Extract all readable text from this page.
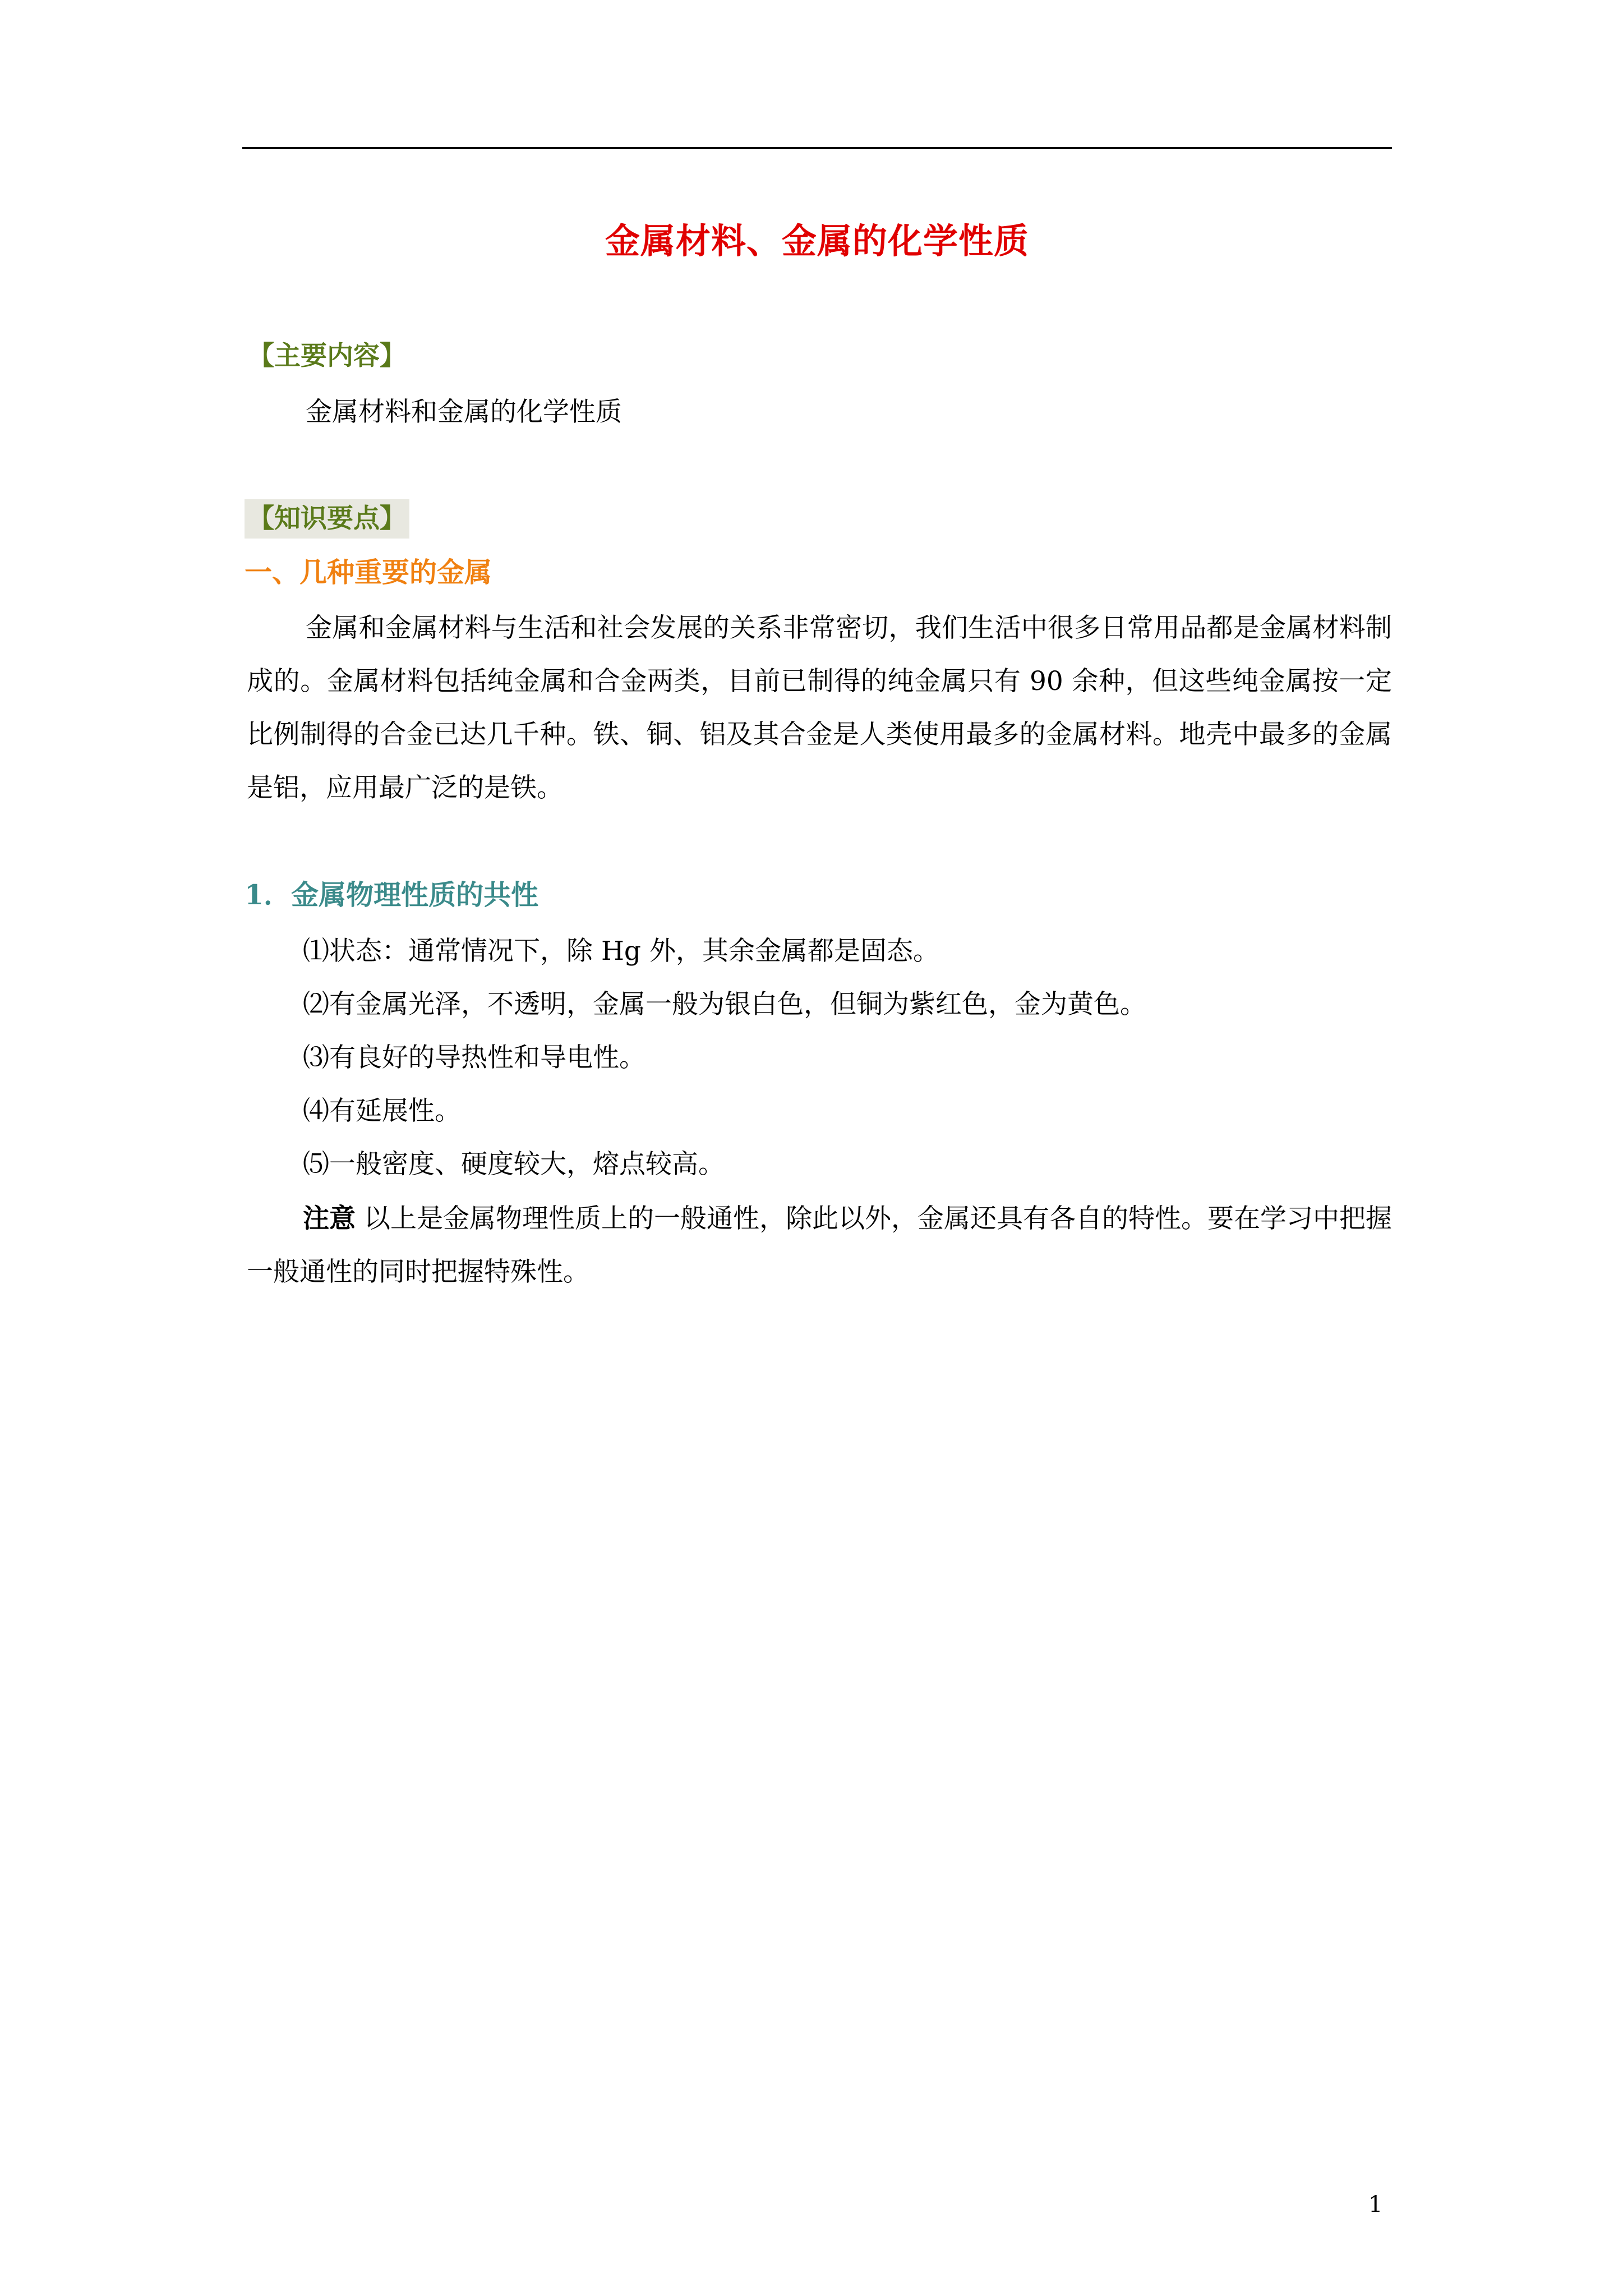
金属材料、金属的化学性质
【主要内容】
金属材料和金属的化学性质
【知识要点】
一、几种重要的金属
金属和金属材料与生活和社会发展的关系非常密切，我们生活中很多日常用品都是金属材料制成的。金属材料包括纯金属和合金两类，目前已制得的纯金属只有 90 余种，但这些纯金属按一定比例制得的合金已达几千种。铁、铜、铝及其合金是人类使用最多的金属材料。地壳中最多的金属是铝，应用最广泛的是铁。
1．金属物理性质的共性
⑴状态：通常情况下，除 Hg 外，其余金属都是固态。
⑵有金属光泽，不透明，金属一般为银白色，但铜为紫红色，金为黄色。
⑶有良好的导热性和导电性。
⑷有延展性。
⑸一般密度、硬度较大，熔点较高。
注意 以上是金属物理性质上的一般通性，除此以外，金属还具有各自的特性。要在学习中把握一般通性的同时把握特殊性。
1
